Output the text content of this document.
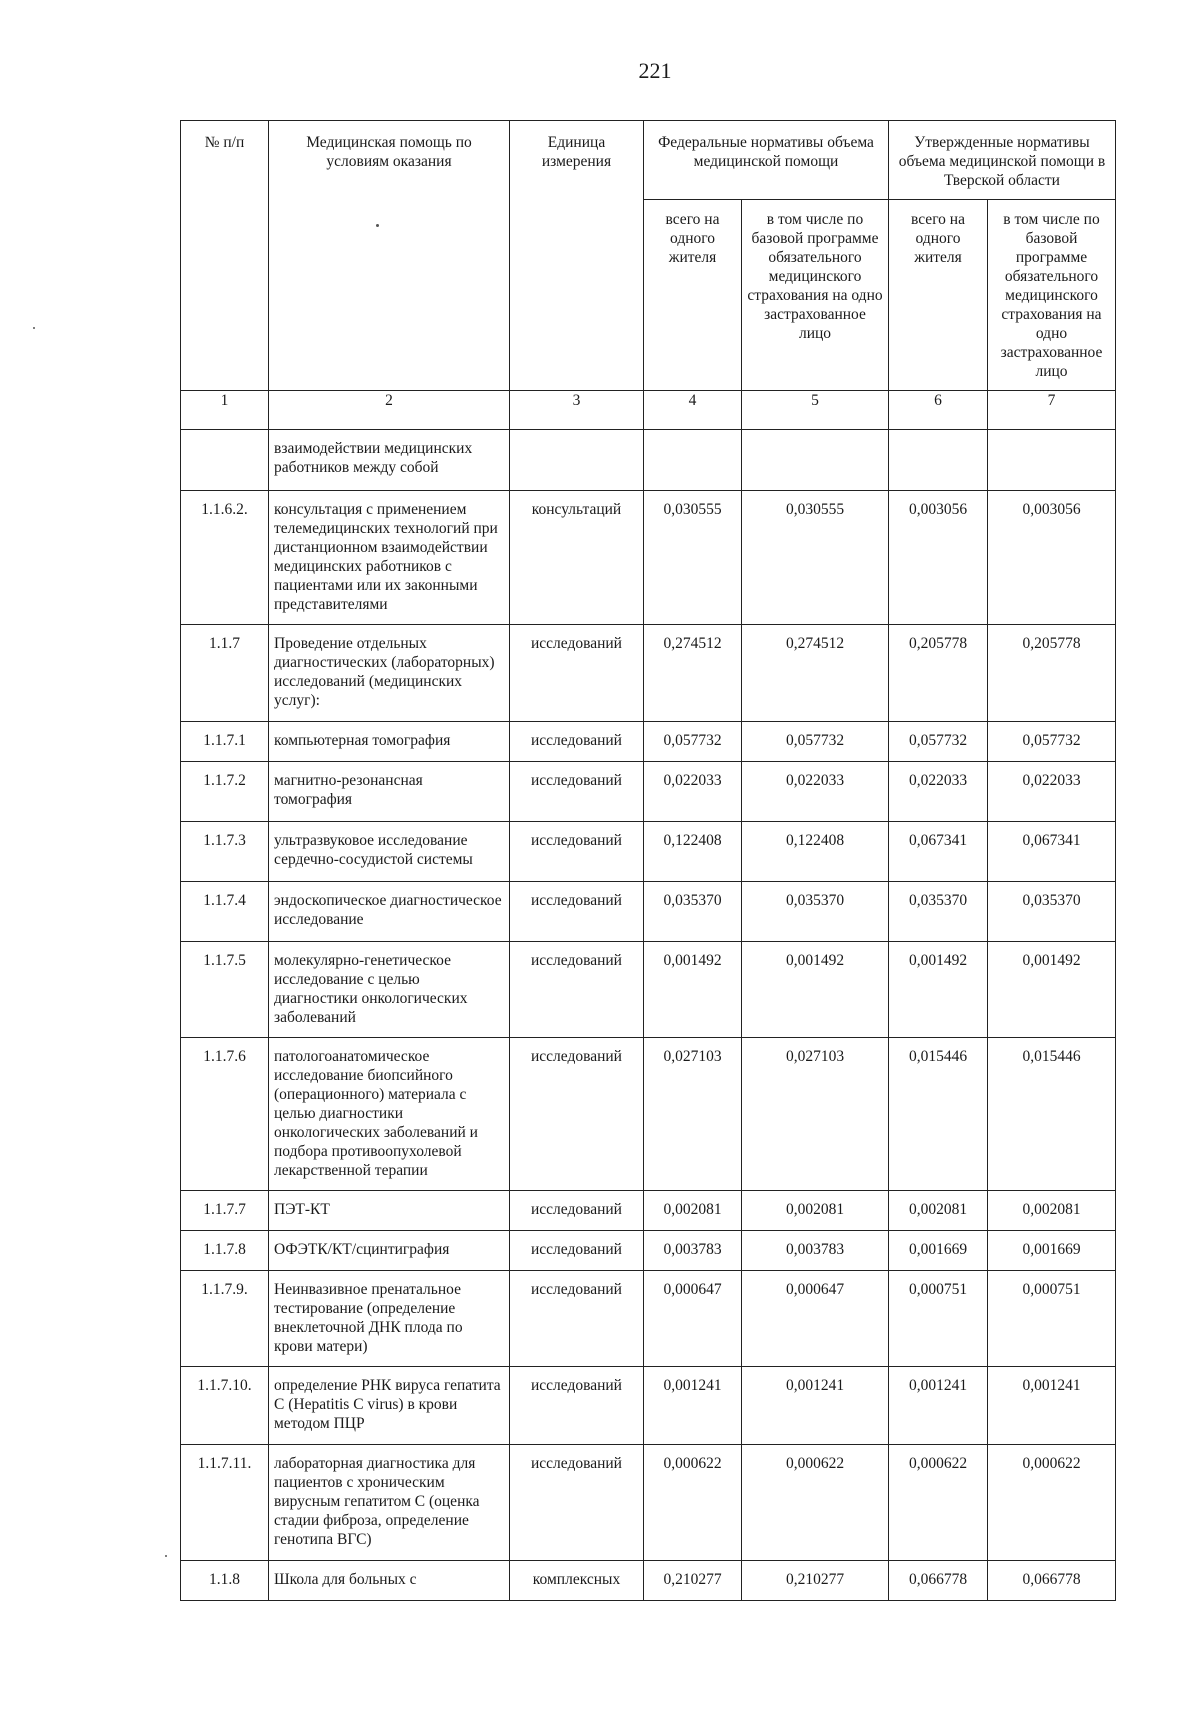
221
№ п/п	Медицинская помощь по условиям оказания	Единица измерения	Федеральные нормативы объема медицинской помощи		Утвержденные нормативы объема медицинской помощи в Тверской области	
			всего на одного жителя	в том числе по базовой программе обязательного медицинского страхования на одно застрахованное лицо	всего на одного жителя	в том числе по базовой программе обязательного медицинского страхования на одно застрахованное лицо
1	2	3	4	5	6	7
	взаимодействии медицинских работников между собой					
1.1.6.2.	консультация с применением телемедицинских технологий при дистанционном взаимодействии медицинских работников с пациентами или их законными представителями	консультаций	0,030555	0,030555	0,003056	0,003056
1.1.7	Проведение отдельных диагностических (лабораторных) исследований (медицинских услуг):	исследований	0,274512	0,274512	0,205778	0,205778
1.1.7.1	компьютерная томография	исследований	0,057732	0,057732	0,057732	0,057732
1.1.7.2	магнитно-резонансная томография	исследований	0,022033	0,022033	0,022033	0,022033
1.1.7.3	ультразвуковое исследование сердечно-сосудистой системы	исследований	0,122408	0,122408	0,067341	0,067341
1.1.7.4	эндоскопическое диагностическое исследование	исследований	0,035370	0,035370	0,035370	0,035370
1.1.7.5	молекулярно-генетическое исследование с целью диагностики онкологических заболеваний	исследований	0,001492	0,001492	0,001492	0,001492
1.1.7.6	патологоанатомическое исследование биопсийного (операционного) материала с целью диагностики онкологических заболеваний и подбора противоопухолевой лекарственной терапии	исследований	0,027103	0,027103	0,015446	0,015446
1.1.7.7	ПЭТ-КТ	исследований	0,002081	0,002081	0,002081	0,002081
1.1.7.8	ОФЭТК/КТ/сцинтиграфия	исследований	0,003783	0,003783	0,001669	0,001669
1.1.7.9.	Неинвазивное пренатальное тестирование (определение внеклеточной ДНК плода по крови матери)	исследований	0,000647	0,000647	0,000751	0,000751
1.1.7.10.	определение РНК вируса гепатита С (Hepatitis C virus) в крови методом ПЦР	исследований	0,001241	0,001241	0,001241	0,001241
1.1.7.11.	лабораторная диагностика для пациентов с хроническим вирусным гепатитом С (оценка стадии фиброза, определение генотипа ВГС)	исследований	0,000622	0,000622	0,000622	0,000622
1.1.8	Школа для больных с	комплексных	0,210277	0,210277	0,066778	0,066778
